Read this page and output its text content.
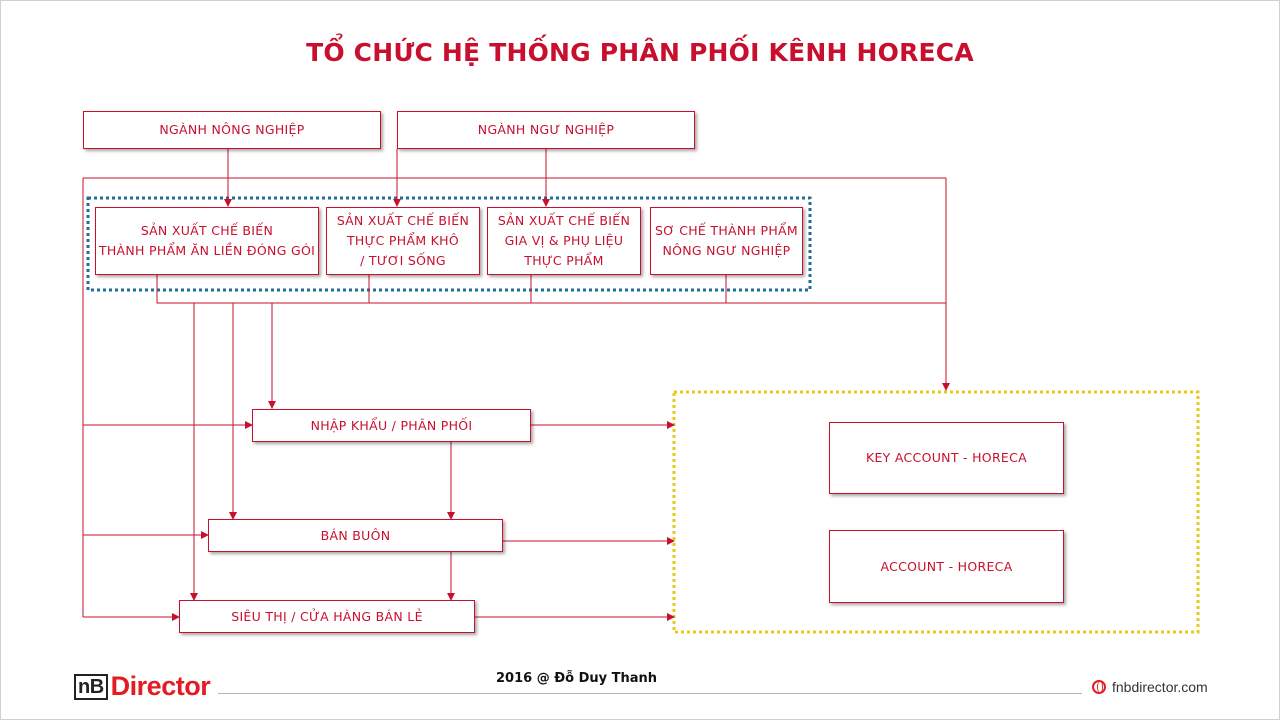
TỔ CHỨC HỆ THỐNG PHÂN PHỐI KÊNH HORECA
NGÀNH NÔNG NGHIỆP	NGÀNH NGƯ NGHIỆP
SẢN XUẤT CHẾ BIẾN
THÀNH PHẨM ĂN LIỀN ĐÓNG GÓI
SẢN XUẤT CHẾ BIẾN
THỰC PHẨM KHÔ
/ TƯƠI SỐNG
SẢN XUẤT CHẾ BIẾN
GIA VỊ & PHỤ LIỆU
THỰC PHẨM
SƠ CHẾ THÀNH PHẨM
NÔNG NGƯ NGHIỆP
NHẬP KHẨU / PHÂN PHỐI
BÁN BUÔN
SIÊU THỊ / CỬA HÀNG BÁN LẺ
KEY ACCOUNT - HORECA
ACCOUNT - HORECA
nB Director	2016 @ Đỗ Duy Thanh
fnbdirector.com
